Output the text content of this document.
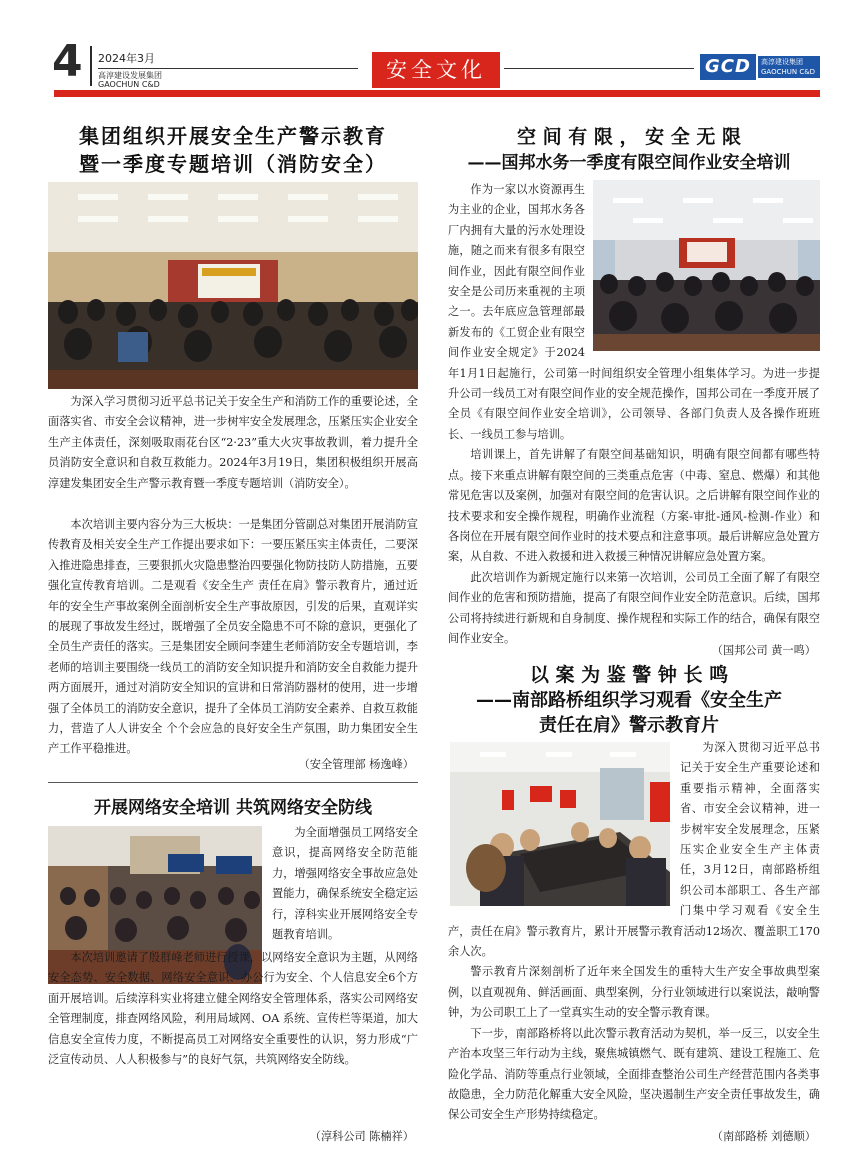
4 2024年3月
高淳建设发展集团
GAOCHUN C&D
安全文化	GCD	高淳建设集团
GAOCHUN C&D
集团组织开展安全生产警示教育
暨一季度专题培训（消防安全）
为深入学习贯彻习近平总书记关于安全生产和消防工作的重要论述，全面落实省、市安全会议精神，进一步树牢安全发展理念，压紧压实企业安全生产主体责任，深刻吸取雨花台区“2·23”重大火灾事故教训，着力提升全员消防安全意识和自救互救能力。2024年3月19日，集团积极组织开展高淳建发集团安全生产警示教育暨一季度专题培训（消防安全）。
本次培训主要内容分为三大板块：一是集团分管副总对集团开展消防宣传教育及相关安全生产工作提出要求如下：一要压紧压实主体责任，二要深入推进隐患排查，三要狠抓火灾隐患整治四要强化物防技防人防措施，五要强化宣传教育培训。二是观看《安全生产 责任在肩》警示教育片，通过近年的安全生产事故案例全面剖析安全生产事故原因，引发的后果，直观详实的展现了事故发生经过，既增强了全员安全隐患不可不除的意识，更强化了全员生产责任的落实。三是集团安全顾问李建生老师消防安全专题培训，李老师的培训主要围绕一线员工的消防安全知识提升和消防安全自救能力提升两方面展开，通过对消防安全知识的宣讲和日常消防器材的使用，进一步增强了全体员工的消防安全意识，提升了全体员工消防安全素养、自救互救能力，营造了人人讲安全 个个会应急的良好安全生产氛围，助力集团安全生产工作平稳推进。
（安全管理部 杨逸峰）
开展网络安全培训 共筑网络安全防线
为全面增强员工网络安全意识，提高网络安全防范能力，增强网络安全事故应急处置能力，确保系统安全稳定运行，淳科实业开展网络安全专题教育培训。
本次培训邀请了殷群峰老师进行授课，以网络安全意识为主题，从网络安全态势、安全数据、网络安全意识、办公行为安全、个人信息安全6个方面开展培训。后续淳科实业将建立健全网络安全管理体系，落实公司网络安全管理制度，排查网络风险，利用局域网、OA 系统、宣传栏等渠道，加大信息安全宣传力度，不断提高员工对网络安全重要性的认识，努力形成“广泛宣传动员、人人积极参与”的良好气氛，共筑网络安全防线。
（淳科公司 陈楠祥）
空 间 有 限 ， 安 全 无 限
——国邦水务一季度有限空间作业安全培训
作为一家以水资源再生为主业的企业，国邦水务各厂内拥有大量的污水处理设施，随之而来有很多有限空间作业，因此有限空间作业安全是公司历来重视的主项之一。去年底应急管理部最新发布的《工贸企业有限空间作业安全规定》于2024年1月1日起施行，公司第一时间组织安全管理小组集体学习。为进一步提升公司一线员工对有限空间作业的安全规范操作，国邦公司在一季度开展了全员《有限空间作业安全培训》，公司领导、各部门负责人及各操作班班长、一线员工参与培训。
培训课上，首先讲解了有限空间基础知识，明确有限空间都有哪些特点。接下来重点讲解有限空间的三类重点危害（中毒、窒息、燃爆）和其他常见危害以及案例，加强对有限空间的危害认识。之后讲解有限空间作业的技术要求和安全操作规程，明确作业流程（方案-审批-通风-检测-作业）和各岗位在开展有限空间作业时的技术要点和注意事项。最后讲解应急处置方案，从自救、不进入救援和进入救援三种情况讲解应急处置方案。
此次培训作为新规定施行以来第一次培训，公司员工全面了解了有限空间作业的危害和预防措施，提高了有限空间作业安全防范意识。后续，国邦公司将持续进行新规和自身制度、操作规程和实际工作的结合，确保有限空间作业安全。
（国邦公司 黄一鸣）
以 案 为 鉴 警 钟 长 鸣
——南部路桥组织学习观看《安全生产
责任在肩》警示教育片
为深入贯彻习近平总书记关于安全生产重要论述和重要指示精神，全面落实省、市安全会议精神，进一步树牢安全发展理念，压紧压实企业安全生产主体责任，3月12日，南部路桥组织公司本部职工、各生产部门集中学习观看《安全生产，责任在肩》警示教育片，累计开展警示教育活动12场次、覆盖职工170余人次。
警示教育片深刻剖析了近年来全国发生的重特大生产安全事故典型案例，以直观视角、鲜活画面、典型案例，分行业领域进行以案说法，敲响警钟，为公司职工上了一堂真实生动的安全警示教育课。
下一步，南部路桥将以此次警示教育活动为契机，举一反三，以安全生产治本攻坚三年行动为主线，聚焦城镇燃气、既有建筑、建设工程施工、危险化学品、消防等重点行业领域，全面排查整治公司生产经营范围内各类事故隐患，全力防范化解重大安全风险，坚决遏制生产安全责任事故发生，确保公司安全生产形势持续稳定。
（南部路桥 刘德顺）
